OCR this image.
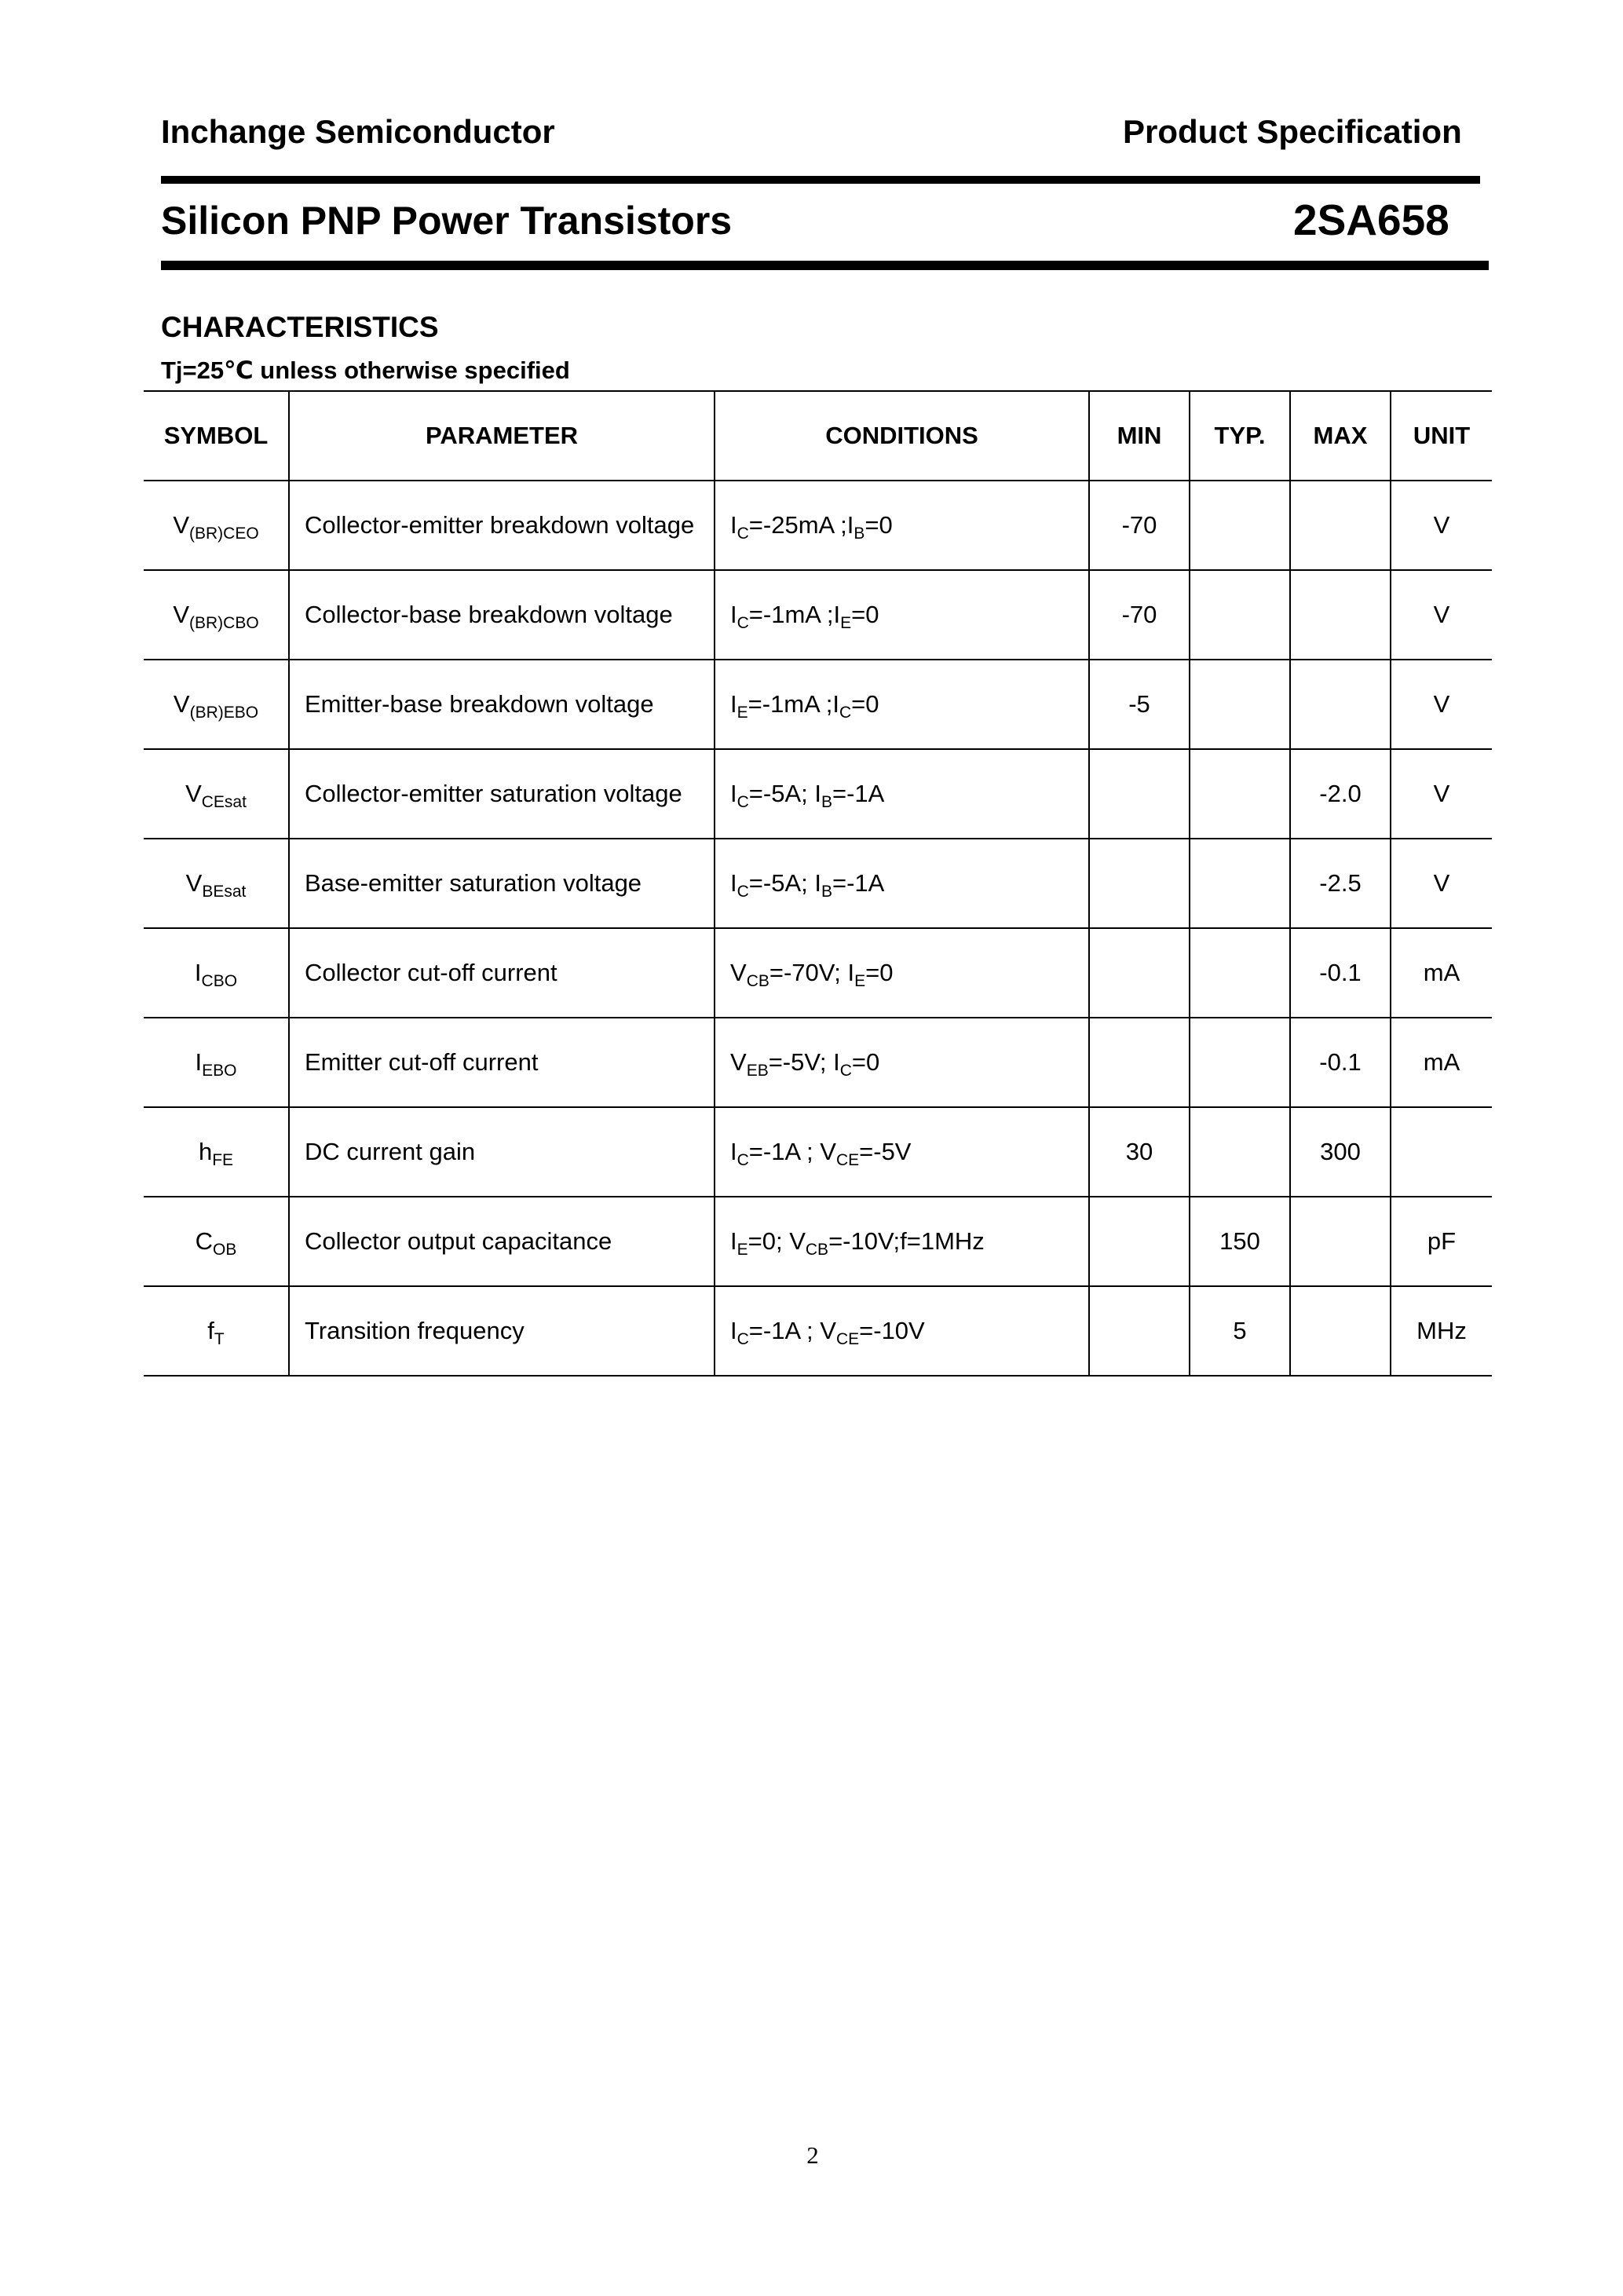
Inchange Semiconductor	Product Specification
Silicon PNP Power Transistors	2SA658
CHARACTERISTICS
Tj=25℃ unless otherwise specified
SYMBOL	PARAMETER	CONDITIONS	MIN	TYP.	MAX	UNIT
$V_{(BR)CEO}$	Collector-emitter breakdown voltage	$I_C=-25mA$ $;I_B=0$	-70			V
$V_{(BR)CBO}$	Collector-base breakdown voltage	$I_C=-1mA$ $;I_E=0$	-70			V
$V_{(BR)EBO}$	Emitter-base breakdown voltage	$I_E=-1mA$ $;I_C=0$	-5			V
$V_{CEsat}$	Collector-emitter saturation voltage	$I_C=-5A$; $I_B=-1A$			-2.0	V
$V_{BEsat}$	Base-emitter saturation voltage	$I_C=-5A$; $I_B=-1A$			-2.5	V
$I_{CBO}$	Collector cut-off current	$V_{CB}=-70V$; $I_E=0$			-0.1	mA
$I_{EBO}$	Emitter cut-off current	$V_{EB}=-5V$; $I_C=0$			-0.1	mA
$h_{FE}$	DC current gain	$I_C=-1A$ ; $V_{CE}=-5V$	30		300	
$C_{OB}$	Collector output capacitance	$I_E=0$; $V_{CB}=-10V;f=1MHz$		150		pF
$f_T$	Transition frequency	$I_C=-1A$ ; $V_{CE}=-10V$		5		MHz
2
